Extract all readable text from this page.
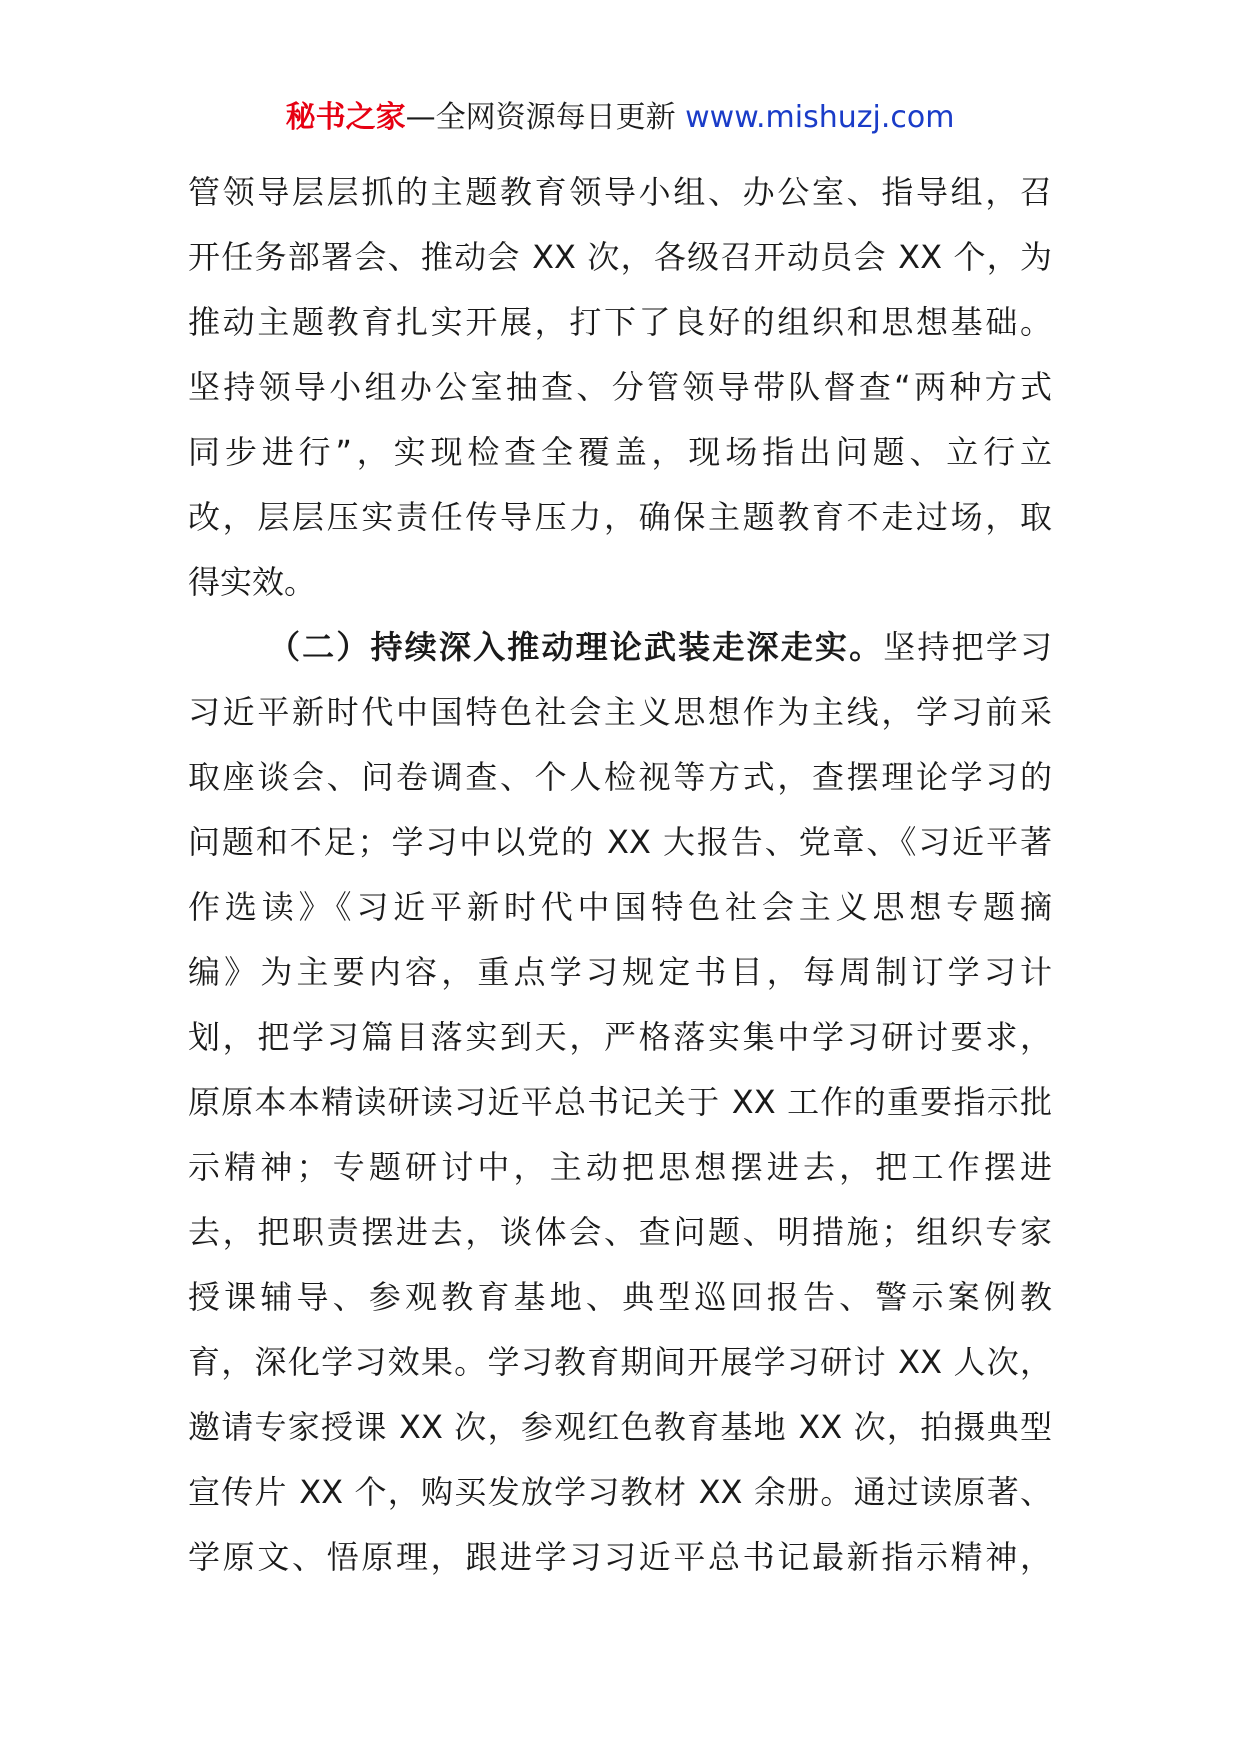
秘书之家—全网资源每日更新 www.mishuzj.com
管领导层层抓的主题教育领导小组、办公室、指导组，召
开任务部署会、推动会 XX 次，各级召开动员会 XX 个，为
推动主题教育扎实开展，打下了良好的组织和思想基础。
坚持领导小组办公室抽查、分管领导带队督查“两种方式
同步进行”，实现检查全覆盖，现场指出问题、立行立
改，层层压实责任传导压力，确保主题教育不走过场，取
得实效。
（二）持续深入推动理论武装走深走实。坚持把学习
习近平新时代中国特色社会主义思想作为主线，学习前采
取座谈会、问卷调查、个人检视等方式，查摆理论学习的
问题和不足；学习中以党的 XX 大报告、党章、《习近平著
作选读》《习近平新时代中国特色社会主义思想专题摘
编》为主要内容，重点学习规定书目，每周制订学习计
划，把学习篇目落实到天，严格落实集中学习研讨要求，
原原本本精读研读习近平总书记关于 XX 工作的重要指示批
示精神；专题研讨中，主动把思想摆进去，把工作摆进
去，把职责摆进去，谈体会、查问题、明措施；组织专家
授课辅导、参观教育基地、典型巡回报告、警示案例教
育，深化学习效果。学习教育期间开展学习研讨 XX 人次，
邀请专家授课 XX 次，参观红色教育基地 XX 次，拍摄典型
宣传片 XX 个，购买发放学习教材 XX 余册。通过读原著、
学原文、悟原理，跟进学习习近平总书记最新指示精神，
